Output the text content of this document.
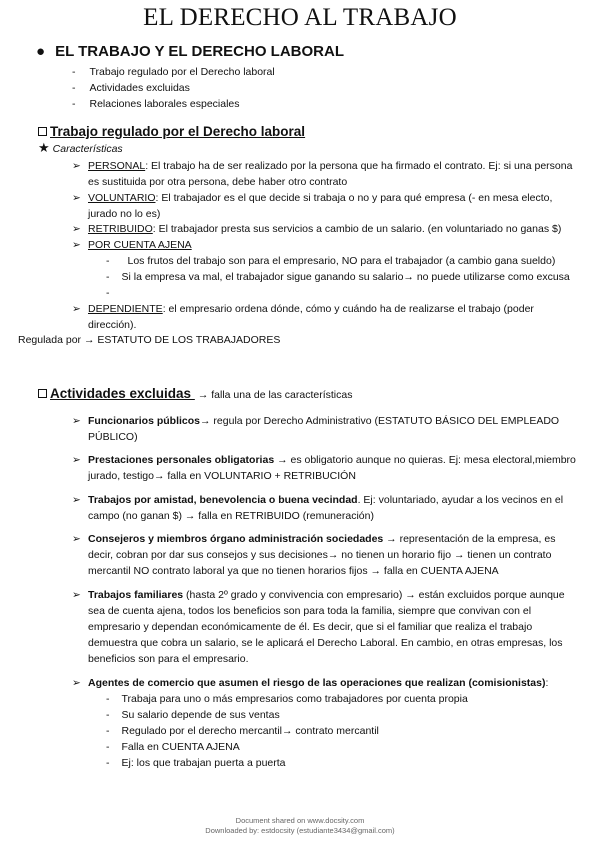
EL DERECHO AL TRABAJO
● EL TRABAJO Y EL DERECHO LABORAL
- Trabajo regulado por el Derecho laboral
- Actividades excluidas
- Relaciones laborales especiales
Trabajo regulado por el Derecho laboral
★ Características
➢ PERSONAL: El trabajo ha de ser realizado por la persona que ha firmado el contrato. Ej: si una persona es sustituida por otra persona, debe haber otro contrato
➢ VOLUNTARIO: El trabajador es el que decide si trabaja o no y para qué empresa (- en mesa electo, jurado no lo es)
➢ RETRIBUIDO: El trabajador presta sus servicios a cambio de un salario. (en voluntariado no ganas $)
➢ POR CUENTA AJENA
- Los frutos del trabajo son para el empresario, NO para el trabajador (a cambio gana sueldo)
- Si la empresa va mal, el trabajador sigue ganando su salario→ no puede utilizarse como excusa
-
➢ DEPENDIENTE: el empresario ordena dónde, cómo y cuándo ha de realizarse el trabajo (poder dirección).
Regulada por → ESTATUTO DE LOS TRABAJADORES
Actividades excluidas → falla una de las características
➢ Funcionarios públicos→ regula por Derecho Administrativo (ESTATUTO BÁSICO DEL EMPLEADO PÚBLICO)
➢ Prestaciones personales obligatorias → es obligatorio aunque no quieras. Ej: mesa electoral,miembro jurado, testigo→ falla en VOLUNTARIO + RETRIBUCIÓN
➢ Trabajos por amistad, benevolencia o buena vecindad. Ej: voluntariado, ayudar a los vecinos en el campo (no ganan $) → falla en RETRIBUIDO (remuneración)
➢ Consejeros y miembros órgano administración sociedades → representación de la empresa, es decir, cobran por dar sus consejos y sus decisiones→ no tienen un horario fijo → tienen un contrato mercantil NO contrato laboral ya que no tienen horarios fijos → falla en CUENTA AJENA
➢ Trabajos familiares (hasta 2º grado y convivencia con empresario) → están excluidos porque aunque sea de cuenta ajena, todos los beneficios son para toda la familia, siempre que convivan con el empresario y dependan económicamente de él. Es decir, que si el familiar que realiza el trabajo demuestra que cobra un salario, se le aplicará el Derecho Laboral. En cambio, en otras empresas, los beneficios son para el empresario.
➢ Agentes de comercio que asumen el riesgo de las operaciones que realizan (comisionistas):
- Trabaja para uno o más empresarios como trabajadores por cuenta propia
- Su salario depende de sus ventas
- Regulado por el derecho mercantil→ contrato mercantil
- Falla en CUENTA AJENA
- Ej: los que trabajan puerta a puerta
Document shared on www.docsity.com
Downloaded by: estdocsity (estudiante3434@gmail.com)
